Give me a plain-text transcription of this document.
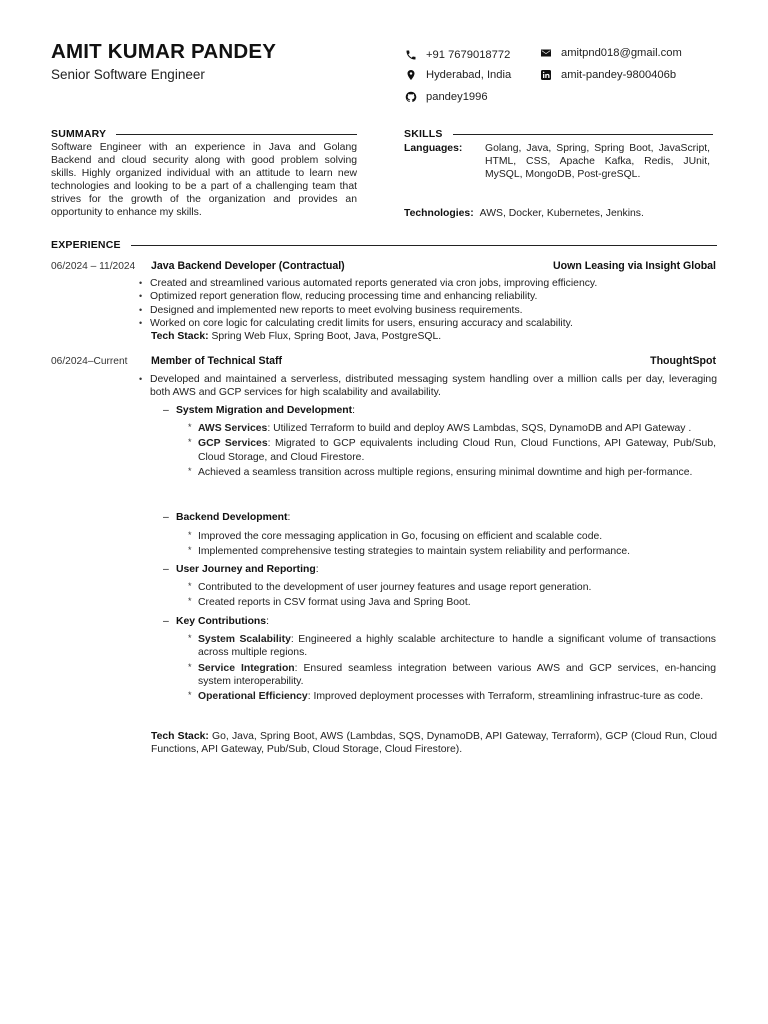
AMIT KUMAR PANDEY
Senior Software Engineer
+91 7679018772	amitpnd018@gmail.com
Hyderabad, India	amit-pandey-9800406b
pandey1996
SUMMARY
Software Engineer with an experience in Java and Golang Backend and cloud security along with good problem solving skills. Highly organized individual with an attitude to learn new technologies and looking to be a part of a challenging team that strives for the growth of the organization and provides an opportunity to enhance my skills.
SKILLS
Languages:	Golang, Java, Spring, Spring Boot, JavaScript, HTML, CSS, Apache Kafka, Redis, JUnit, MySQL, MongoDB, Post-greSQL.
Technologies: AWS, Docker, Kubernetes, Jenkins.
EXPERIENCE
06/2024 – 11/2024 Java Backend Developer (Contractual)	Uown Leasing via Insight Global
• Created and streamlined various automated reports generated via cron jobs, improving efficiency.
• Optimized report generation flow, reducing processing time and enhancing reliability.
• Designed and implemented new reports to meet evolving business requirements.
• Worked on core logic for calculating credit limits for users, ensuring accuracy and scalability.
Tech Stack: Spring Web Flux, Spring Boot, Java, PostgreSQL.
06/2024–Current Member of Technical Staff	ThoughtSpot
• Developed and maintained a serverless, distributed messaging system handling over a million calls per day, leveraging both AWS and GCP services for high scalability and availability.
– System Migration and Development :
* AWS Services: Utilized Terraform to build and deploy AWS Lambdas, SQS, DynamoDB and API Gateway .
* GCP Services: Migrated to GCP equivalents including Cloud Run, Cloud Functions, API Gateway, Pub/Sub, Cloud Storage, and Cloud Firestore.
* Achieved a seamless transition across multiple regions, ensuring minimal downtime and high per-formance.
– Backend Development :
* Improved the core messaging application in Go, focusing on efficient and scalable code.
* Implemented comprehensive testing strategies to maintain system reliability and performance.
– User Journey and Reporting :
* Contributed to the development of user journey features and usage report generation.
* Created reports in CSV format using Java and Spring Boot.
– Key Contributions :
* System Scalability: Engineered a highly scalable architecture to handle a significant volume of transactions across multiple regions.
* Service Integration: Ensured seamless integration between various AWS and GCP services, en-hancing system interoperability.
* Operational Efficiency: Improved deployment processes with Terraform, streamlining infrastruc-ture as code.
Tech Stack: Go, Java, Spring Boot, AWS (Lambdas, SQS, DynamoDB, API Gateway, Terraform), GCP (Cloud Run, Cloud Functions, API Gateway, Pub/Sub, Cloud Storage, Cloud Firestore).
